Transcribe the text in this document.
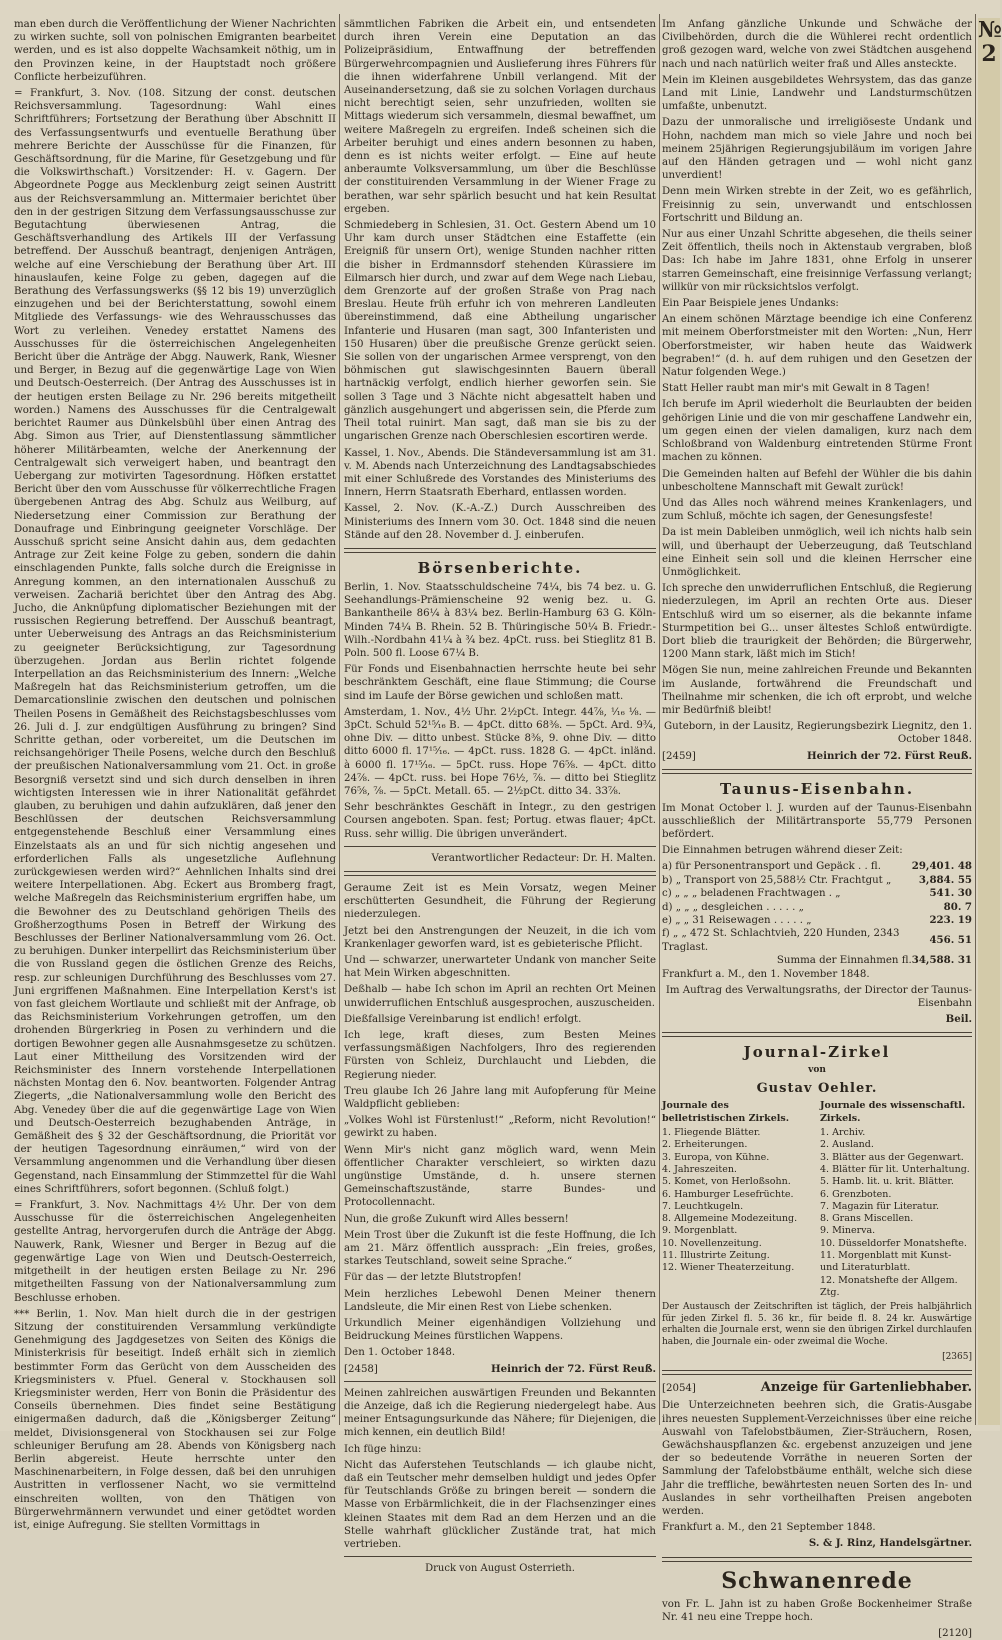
man eben durch die Veröffentlichung der Wiener Nachrichten zu wirken suchte, soll von polnischen Emigranten bearbeitet werden, und es ist also doppelte Wachsamkeit nöthig, um in den Provinzen keine, in der Hauptstadt noch größere Conflicte herbeizuführen.

= Frankfurt, 3. Nov. (108. Sitzung der const. deutschen Reichsversammlung. Tagesordnung: Wahl eines Schriftführers; Fortsetzung der Berathung über Abschnitt II des Verfassungsentwurfs und eventuelle Berathung über mehrere Berichte der Ausschüsse für die Finanzen, für Geschäftsordnung, für die Marine, für Gesetzgebung und für die Volkswirthschaft.) Vorsitzender: H. v. Gagern. Der Abgeordnete Pogge aus Mecklenburg zeigt seinen Austritt aus der Reichsversammlung an. Mittermaier berichtet über den in der gestrigen Sitzung dem Verfassungsausschusse zur Begutachtung überwiesenen Antrag, die Geschäftsverhandlung des Artikels III der Verfassung betreffend. Der Ausschuß beantragt, denjenigen Anträgen, welche auf eine Verschiebung der Berathung über Art. III hinauslaufen, keine Folge zu geben, dagegen auf die Berathung des Verfassungswerks (§§ 12 bis 19) unverzüglich einzugehen und bei der Berichterstattung, sowohl einem Mitgliede des Verfassungs- wie des Wehrausschusses das Wort zu verleihen. Venedey erstattet Namens des Ausschusses für die österreichischen Angelegenheiten Bericht über die Anträge der Abgg. Nauwerk, Rank, Wiesner und Berger, in Bezug auf die gegenwärtige Lage von Wien und Deutsch-Oesterreich. (Der Antrag des Ausschusses ist in der heutigen ersten Beilage zu Nr. 296 bereits mitgetheilt worden.) Namens des Ausschusses für die Centralgewalt berichtet Raumer aus Dünkelsbühl über einen Antrag des Abg. Simon aus Trier, auf Dienstentlassung sämmtlicher höherer Militärbeamten, welche der Anerkennung der Centralgewalt sich verweigert haben, und beantragt den Uebergang zur motivirten Tagesordnung. Höfken erstattet Bericht über den vom Ausschusse für völkerrechtliche Fragen übergebenen Antrag des Abg. Schulz aus Weilburg, auf Niedersetzung einer Commission zur Berathung der Donaufrage und Einbringung geeigneter Vorschläge. Der Ausschuß spricht seine Ansicht dahin aus, dem gedachten Antrage zur Zeit keine Folge zu geben, sondern die dahin einschlagenden Punkte, falls solche durch die Ereignisse in Anregung kommen, an den internationalen Ausschuß zu verweisen. Zachariä berichtet über den Antrag des Abg. Jucho, die Anknüpfung diplomatischer Beziehungen mit der russischen Regierung betreffend. Der Ausschuß beantragt, unter Ueberweisung des Antrags an das Reichsministerium zu geeigneter Berücksichtigung, zur Tagesordnung überzugehen. Jordan aus Berlin richtet folgende Interpellation an das Reichsministerium des Innern: „Welche Maßregeln hat das Reichsministerium getroffen, um die Demarcationslinie zwischen den deutschen und polnischen Theilen Posens in Gemäßheit des Reichstagsbeschlusses vom 26. Juli d. J. zur endgültigen Ausführung zu bringen? Sind Schritte gethan, oder vorbereitet, um die Deutschen im reichsangehöriger Theile Posens, welche durch den Beschluß der preußischen Nationalversammlung vom 21. Oct. in große Besorgniß versetzt sind und sich durch denselben in ihren wichtigsten Interessen wie in ihrer Nationalität gefährdet glauben, zu beruhigen und dahin aufzuklären, daß jener den Beschlüssen der deutschen Reichsversammlung entgegenstehende Beschluß einer Versammlung eines Einzelstaats als an und für sich nichtig angesehen und erforderlichen Falls als ungesetzliche Auflehnung zurückgewiesen werden wird?“ Aehnlichen Inhalts sind drei weitere Interpellationen. Abg. Eckert aus Bromberg fragt, welche Maßregeln das Reichsministerium ergriffen habe, um die Bewohner des zu Deutschland gehörigen Theils des Großherzogthums Posen in Betreff der Wirkung des Beschlusses der Berliner Nationalversammlung vom 26. Oct. zu beruhigen. Dunker interpellirt das Reichsministerium über die von Russland gegen die östlichen Grenze des Reichs, resp. zur schleunigen Durchführung des Beschlusses vom 27. Juni ergriffenen Maßnahmen. Eine Interpellation Kerst's ist von fast gleichem Wortlaute und schließt mit der Anfrage, ob das Reichsministerium Vorkehrungen getroffen, um den drohenden Bürgerkrieg in Posen zu verhindern und die dortigen Bewohner gegen alle Ausnahmsgesetze zu schützen. Laut einer Mittheilung des Vorsitzenden wird der Reichsminister des Innern vorstehende Interpellationen nächsten Montag den 6. Nov. beantworten. Folgender Antrag Ziegerts, „die Nationalversammlung wolle den Bericht des Abg. Venedey über die auf die gegenwärtige Lage von Wien und Deutsch-Oesterreich bezughabenden Anträge, in Gemäßheit des § 32 der Geschäftsordnung, die Priorität vor der heutigen Tagesordnung einräumen,“ wird von der Versammlung angenommen und die Verhandlung über diesen Gegenstand, nach Einsammlung der Stimmzettel für die Wahl eines Schriftführers, sofort begonnen. (Schluß folgt.)

= Frankfurt, 3. Nov. Nachmittags 4½ Uhr. Der von dem Ausschusse für die österreichischen Angelegenheiten gestellte Antrag, hervorgerufen durch die Anträge der Abgg. Nauwerk, Rank, Wiesner und Berger in Bezug auf die gegenwärtige Lage von Wien und Deutsch-Oesterreich, mitgetheilt in der heutigen ersten Beilage zu Nr. 296 mitgetheilten Fassung von der Nationalversammlung zum Beschlusse erhoben.

*** Berlin, 1. Nov. Man hielt durch die in der gestrigen Sitzung der constituirenden Versammlung verkündigte Genehmigung des Jagdgesetzes von Seiten des Königs die Ministerkrisis für beseitigt. Indeß erhält sich in ziemlich bestimmter Form das Gerücht von dem Ausscheiden des Kriegsministers v. Pfuel. General v. Stockhausen soll Kriegsminister werden, Herr von Bonin die Präsidentur des Conseils übernehmen. Dies findet seine Bestätigung einigermaßen dadurch, daß die „Königsberger Zeitung“ meldet, Divisionsgeneral von Stockhausen sei zur Folge schleuniger Berufung am 28. Abends von Königsberg nach Berlin abgereist. Heute herrschte unter den Maschinenarbeitern, in Folge dessen, daß bei den unruhigen Austritten in verflossener Nacht, wo sie vermittelnd einschreiten wollten, von den Thätigen von Bürgerwehrmännern verwundet und einer getödtet worden ist, einige Aufregung. Sie stellten Vormittags in

sämmtlichen Fabriken die Arbeit ein, und entsendeten durch ihren Verein eine Deputation an das Polizeipräsidium, Entwaffnung der betreffenden Bürgerwehrcompagnien und Auslieferung ihres Führers für die ihnen widerfahrene Unbill verlangend. Mit der Auseinandersetzung, daß sie zu solchen Vorlagen durchaus nicht berechtigt seien, sehr unzufrieden, wollten sie Mittags wiederum sich versammeln, diesmal bewaffnet, um weitere Maßregeln zu ergreifen. Indeß scheinen sich die Arbeiter beruhigt und eines andern besonnen zu haben, denn es ist nichts weiter erfolgt. — Eine auf heute anberaumte Volksversammlung, um über die Beschlüsse der constituirenden Versammlung in der Wiener Frage zu berathen, war sehr spärlich besucht und hat kein Resultat ergeben.

Schmiedeberg in Schlesien, 31. Oct. Gestern Abend um 10 Uhr kam durch unser Städtchen eine Estaffette (ein Ereigniß für unsern Ort), wenige Stunden nachher ritten die bisher in Erdmannsdorf stehenden Kürassiere im Eilmarsch hier durch, und zwar auf dem Wege nach Liebau, dem Grenzorte auf der großen Straße von Prag nach Breslau. Heute früh erfuhr ich von mehreren Landleuten übereinstimmend, daß eine Abtheilung ungarischer Infanterie und Husaren (man sagt, 300 Infanteristen und 150 Husaren) über die preußische Grenze gerückt seien. Sie sollen von der ungarischen Armee versprengt, von den böhmischen gut slawischgesinnten Bauern überall hartnäckig verfolgt, endlich hierher geworfen sein. Sie sollen 3 Tage und 3 Nächte nicht abgesattelt haben und gänzlich ausgehungert und abgerissen sein, die Pferde zum Theil total ruinirt. Man sagt, daß man sie bis zu der ungarischen Grenze nach Oberschlesien escortiren werde.

Kassel, 1. Nov., Abends. Die Ständeversammlung ist am 31. v. M. Abends nach Unterzeichnung des Landtagsabschiedes mit einer Schlußrede des Vorstandes des Ministeriums des Innern, Herrn Staatsrath Eberhard, entlassen worden.

Kassel, 2. Nov. (K.-A.-Z.) Durch Ausschreiben des Ministeriums des Innern vom 30. Oct. 1848 sind die neuen Stände auf den 28. November d. J. einberufen.

Börsenberichte.

Berlin, 1. Nov. Staatsschuldscheine 74¼, bis 74 bez. u. G. Seehandlungs-Prämienscheine 92 wenig bez. u. G. Bankantheile 86¼ à 83¼ bez. Berlin-Hamburg 63 G. Köln-Minden 74¼ B. Rhein. 52 B. Thüringische 50¼ B. Friedr.-Wilh.-Nordbahn 41¼ à ¾ bez. 4pCt. russ. bei Stieglitz 81 B. Poln. 500 fl. Loose 67¼ B.

Für Fonds und Eisenbahnactien herrschte heute bei sehr beschränktem Geschäft, eine flaue Stimmung; die Course sind im Laufe der Börse gewichen und schloßen matt.

Amsterdam, 1. Nov., 4½ Uhr. 2½pCt. Integr. 44⅞, ¹⁄₁₆ ⅛. — 3pCt. Schuld 52¹⁵⁄₁₆ B. — 4pCt. ditto 68⅜. — 5pCt. Ard. 9¾, ohne Div. — ditto unbest. Stücke 8⅜, 9. ohne Div. — ditto ditto 6000 fl. 17¹⁵⁄₁₆. — 4pCt. russ. 1828 G. — 4pCt. inländ. à 6000 fl. 17¹⁵⁄₁₆. — 5pCt. russ. Hope 76⅝. — 4pCt. ditto 24⅞. — 4pCt. russ. bei Hope 76½, ⅞. — ditto bei Stieglitz 76⅝, ⅞. — 5pCt. Metall. 65. — 2½pCt. ditto 34. 33⅞.

Sehr beschränktes Geschäft in Integr., zu den gestrigen Coursen angeboten. Span. fest; Portug. etwas flauer; 4pCt. Russ. sehr willig. Die übrigen unverändert.

Verantwortlicher Redacteur: Dr. H. Malten.

Geraume Zeit ist es Mein Vorsatz, wegen Meiner erschütterten Gesundheit, die Führung der Regierung niederzulegen.

Jetzt bei den Anstrengungen der Neuzeit, in die ich vom Krankenlager geworfen ward, ist es gebieterische Pflicht.

Und — schwarzer, unerwarteter Undank von mancher Seite hat Mein Wirken abgeschnitten.

Deßhalb — habe Ich schon im April an rechten Ort Meinen unwiderruflichen Entschluß ausgesprochen, auszuscheiden.

Dießfallsige Vereinbarung ist endlich! erfolgt.

Ich lege, kraft dieses, zum Besten Meines verfassungsmäßigen Nachfolgers, Ihro des regierenden Fürsten von Schleiz, Durchlaucht und Liebden, die Regierung nieder.

Treu glaube Ich 26 Jahre lang mit Aufopferung für Meine Waldpflicht geblieben:

„Volkes Wohl ist Fürstenlust!“ „Reform, nicht Revolution!“ gewirkt zu haben.

Wenn Mir's nicht ganz möglich ward, wenn Mein öffentlicher Charakter verschleiert, so wirkten dazu ungünstige Umstände, d. h. unsere sternen Gemeinschaftszustände, starre Bundes- und Protocollennacht.

Nun, die große Zukunft wird Alles bessern!

Mein Trost über die Zukunft ist die feste Hoffnung, die Ich am 21. März öffentlich aussprach: „Ein freies, großes, starkes Teutschland, soweit seine Sprache.“

Für das — der letzte Blutstropfen!

Mein herzliches Lebewohl Denen Meiner thenern Landsleute, die Mir einen Rest von Liebe schenken.

Urkundlich Meiner eigenhändigen Vollziehung und Beidruckung Meines fürstlichen Wappens.

Den 1. October 1848.

[2458]	Heinrich der 72. Fürst Reuß.

Meinen zahlreichen auswärtigen Freunden und Bekannten die Anzeige, daß ich die Regierung niedergelegt habe. Aus meiner Entsagungsurkunde das Nähere; für Diejenigen, die mich kennen, ein deutlich Bild!

Ich füge hinzu:

Nicht das Auferstehen Teutschlands — ich glaube nicht, daß ein Teutscher mehr demselben huldigt und jedes Opfer für Teutschlands Größe zu bringen bereit — sondern die Masse von Erbärmlichkeit, die in der Flachsenzinger eines kleinen Staates mit dem Rad an dem Herzen und an die Stelle wahrhaft glücklicher Zustände trat, hat mich vertrieben.

Druck von August Osterrieth.

Im Anfang gänzliche Unkunde und Schwäche der Civilbehörden, durch die die Wühlerei recht ordentlich groß gezogen ward, welche von zwei Städtchen ausgehend nach und nach natürlich weiter fraß und Alles ansteckte.

Mein im Kleinen ausgebildetes Wehrsystem, das das ganze Land mit Linie, Landwehr und Landsturmschützen umfaßte, unbenutzt.

Dazu der unmoralische und irreligiöseste Undank und Hohn, nachdem man mich so viele Jahre und noch bei meinem 25jährigen Regierungsjubiläum im vorigen Jahre auf den Händen getragen und — wohl nicht ganz unverdient!

Denn mein Wirken strebte in der Zeit, wo es gefährlich, Freisinnig zu sein, unverwandt und entschlossen Fortschritt und Bildung an.

Nur aus einer Unzahl Schritte abgesehen, die theils seiner Zeit öffentlich, theils noch in Aktenstaub vergraben, bloß Das: Ich habe im Jahre 1831, ohne Erfolg in unserer starren Gemeinschaft, eine freisinnige Verfassung verlangt; willkür von mir rücksichtslos verfolgt.

Ein Paar Beispiele jenes Undanks:

An einem schönen Märztage beendige ich eine Conferenz mit meinem Oberforstmeister mit den Worten: „Nun, Herr Oberforstmeister, wir haben heute das Waidwerk begraben!“ (d. h. auf dem ruhigen und den Gesetzen der Natur folgenden Wege.)

Statt Heller raubt man mir's mit Gewalt in 8 Tagen!

Ich berufe im April wiederholt die Beurlaubten der beiden gehörigen Linie und die von mir geschaffene Landwehr ein, um gegen einen der vielen damaligen, kurz nach dem Schloßbrand von Waldenburg eintretenden Stürme Front machen zu können.

Die Gemeinden halten auf Befehl der Wühler die bis dahin unbescholtene Mannschaft mit Gewalt zurück!

Und das Alles noch während meines Krankenlagers, und zum Schluß, möchte ich sagen, der Genesungsfeste!

Da ist mein Dableiben unmöglich, weil ich nichts halb sein will, und überhaupt der Ueberzeugung, daß Teutschland eine Einheit sein soll und die kleinen Herrscher eine Unmöglichkeit.

Ich spreche den unwiderruflichen Entschluß, die Regierung niederzulegen, im April an rechten Orte aus. Dieser Entschluß wird um so eiserner, als die bekannte infame Sturmpetition bei G... unser ältestes Schloß entwürdigte. Dort blieb die traurigkeit der Behörden; die Bürgerwehr, 1200 Mann stark, läßt mich im Stich!

Mögen Sie nun, meine zahlreichen Freunde und Bekannten im Auslande, fortwährend die Freundschaft und Theilnahme mir schenken, die ich oft erprobt, und welche mir Bedürfniß bleibt!

Guteborn, in der Lausitz, Regierungsbezirk Liegnitz, den 1. October 1848.

[2459]	Heinrich der 72. Fürst Reuß.
Taunus-Eisenbahn.

Im Monat October l. J. wurden auf der Taunus-Eisenbahn ausschließlich der Militärtransporte 55,779 Personen befördert.

Die Einnahmen betrugen während dieser Zeit:

a) für Personentransport und Gepäck . . fl.	29,401. 48
b) „ Transport von 25,588½ Ctr. Frachtgut „	3,884. 55
c) „ „ „ beladenen Frachtwagen . „	541. 30
d) „ „ „ desgleichen . . . . . „	80. 7
e) „ „ 31 Reisewagen . . . . . „	223. 19
f) „ „ 472 St. Schlachtvieh, 220 Hunden, 2343 Traglast.	456. 51
Summa der Einnahmen fl.	34,588. 31

Frankfurt a. M., den 1. November 1848.

Im Auftrag des Verwaltungsraths, der Director der Taunus-Eisenbahn

Beil.

Journal-Zirkel
von
Gustav Oehler.
Journale des belletristischen Zirkels.
1. Fliegende Blätter.
2. Erheiterungen.
3. Europa, von Kühne.
4. Jahreszeiten.
5. Komet, von Herloßsohn.
6. Hamburger Lesefrüchte.
7. Leuchtkugeln.
8. Allgemeine Modezeitung.
9. Morgenblatt.
10. Novellenzeitung.
11. Illustrirte Zeitung.
12. Wiener Theaterzeitung.
Journale des wissenschaftl. Zirkels.
1. Archiv.
2. Ausland.
3. Blätter aus der Gegenwart.
4. Blätter für lit. Unterhaltung.
5. Hamb. lit. u. krit. Blätter.
6. Grenzboten.
7. Magazin für Literatur.
8. Grans Miscellen.
9. Minerva.
10. Düsseldorfer Monatshefte.
11. Morgenblatt mit Kunst- und Literaturblatt.
12. Monatshefte der Allgem. Ztg.

Der Austausch der Zeitschriften ist täglich, der Preis halbjährlich für jeden Zirkel fl. 5. 36 kr., für beide fl. 8. 24 kr. Auswärtige erhalten die Journale erst, wenn sie den übrigen Zirkel durchlaufen haben, die Journale ein- oder zweimal die Woche.

[2365]

[2054]	Anzeige für Gartenliebhaber.

Die Unterzeichneten beehren sich, die Gratis-Ausgabe ihres neuesten Supplement-Verzeichnisses über eine reiche Auswahl von Tafelobstbäumen, Zier-Sträuchern, Rosen, Gewächshauspflanzen &c. ergebenst anzuzeigen und jene der so bedeutende Vorräthe in neueren Sorten der Sammlung der Tafelobstbäume enthält, welche sich diese Jahr die treffliche, bewährtesten neuen Sorten des In- und Auslandes in sehr vortheilhaften Preisen angeboten werden.

Frankfurt a. M., den 21 September 1848.

S. & J. Rinz, Handelsgärtner.

Schwanenrede

von Fr. L. Jahn ist zu haben Große Bockenheimer Straße Nr. 41 neu eine Treppe hoch.

[2120]

№ 2
